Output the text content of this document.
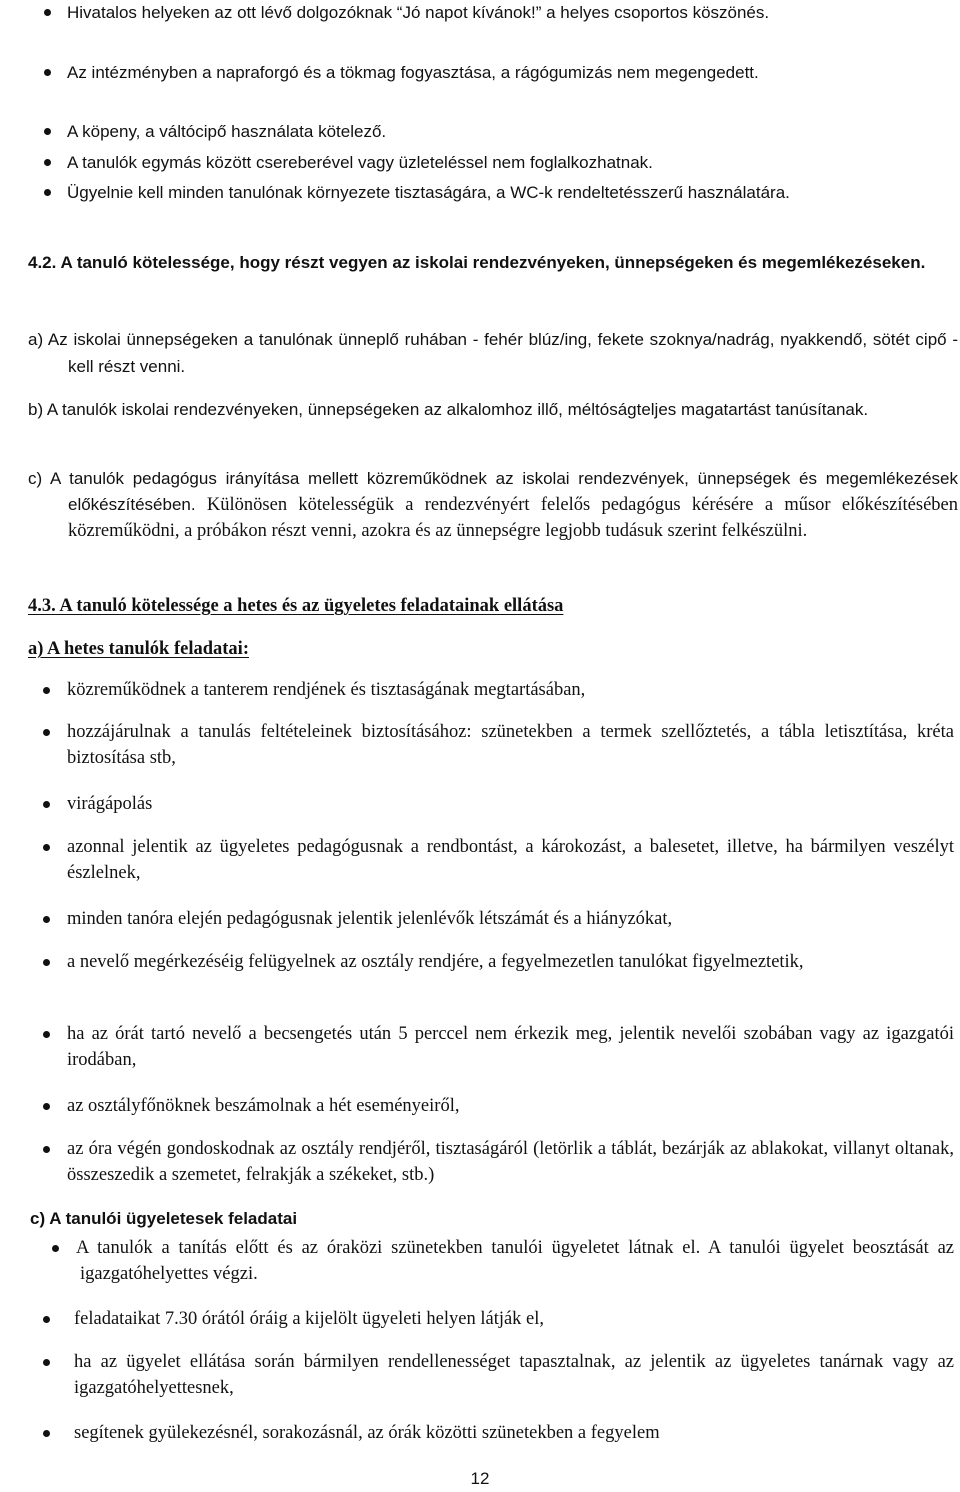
Hivatalos helyeken az ott lévő dolgozóknak “Jó napot kívánok!” a helyes csoportos köszönés.
Az intézményben a napraforgó és a tökmag fogyasztása, a rágógumizás nem megengedett.
A köpeny, a váltócipő használata kötelező.
A tanulók egymás között csereberével vagy üzleteléssel nem foglalkozhatnak.
Ügyelnie kell minden tanulónak környezete tisztaságára, a WC-k rendeltetésszerű használatára.
4.2. A tanuló kötelessége, hogy részt vegyen az iskolai rendezvényeken, ünnepségeken és megemlékezéseken.
a) Az iskolai ünnepségeken a tanulónak ünneplő ruhában - fehér blúz/ing, fekete szoknya/nadrág, nyakkendő, sötét cipő - kell részt venni.
b) A tanulók iskolai rendezvényeken, ünnepségeken az alkalomhoz illő, méltóságteljes magatartást tanúsítanak.
c) A tanulók pedagógus irányítása mellett közreműködnek az iskolai rendezvények, ünnepségek és megemlékezések előkészítésében. Különösen kötelességük a rendezvényért felelős pedagógus kérésére a műsor előkészítésében közreműködni, a próbákon részt venni, azokra és az ünnepségre legjobb tudásuk szerint felkészülni.
4.3. A tanuló kötelessége a hetes és az ügyeletes feladatainak ellátása
a) A hetes tanulók feladatai:
közreműködnek a tanterem rendjének és tisztaságának megtartásában,
hozzájárulnak a tanulás feltételeinek biztosításához: szünetekben a termek szellőztetés, a tábla letisztítása, kréta biztosítása stb,
virágápolás
azonnal jelentik az ügyeletes pedagógusnak a rendbontást, a károkozást, a balesetet, illetve, ha bármilyen veszélyt észlelnek,
minden tanóra elején pedagógusnak jelentik jelenlévők létszámát és a hiányzókat,
a nevelő megérkezéséig felügyelnek az osztály rendjére, a fegyelmezetlen tanulókat figyelmeztetik,
ha az órát tartó nevelő a becsengetés után 5 perccel nem érkezik meg, jelentik nevelői szobában vagy az igazgatói irodában,
az osztályfőnöknek beszámolnak a hét eseményeiről,
az óra végén gondoskodnak az osztály rendjéről, tisztaságáról (letörlik a táblát, bezárják az ablakokat, villanyt oltanak, összeszedik a szemetet, felrakják a székeket, stb.)
c) A tanulói ügyeletesek feladatai
A tanulók a tanítás előtt és az óraközi szünetekben tanulói ügyeletet látnak el. A tanulói ügyelet beosztását az igazgatóhelyettes végzi.
feladataikat 7.30 órától óráig a kijelölt ügyeleti helyen látják el,
ha az ügyelet ellátása során bármilyen rendellenességet tapasztalnak, az jelentik az ügyeletes tanárnak vagy az igazgatóhelyettesnek,
segítenek gyülekezésnél, sorakozásnál, az órák közötti szünetekben a fegyelem
12
